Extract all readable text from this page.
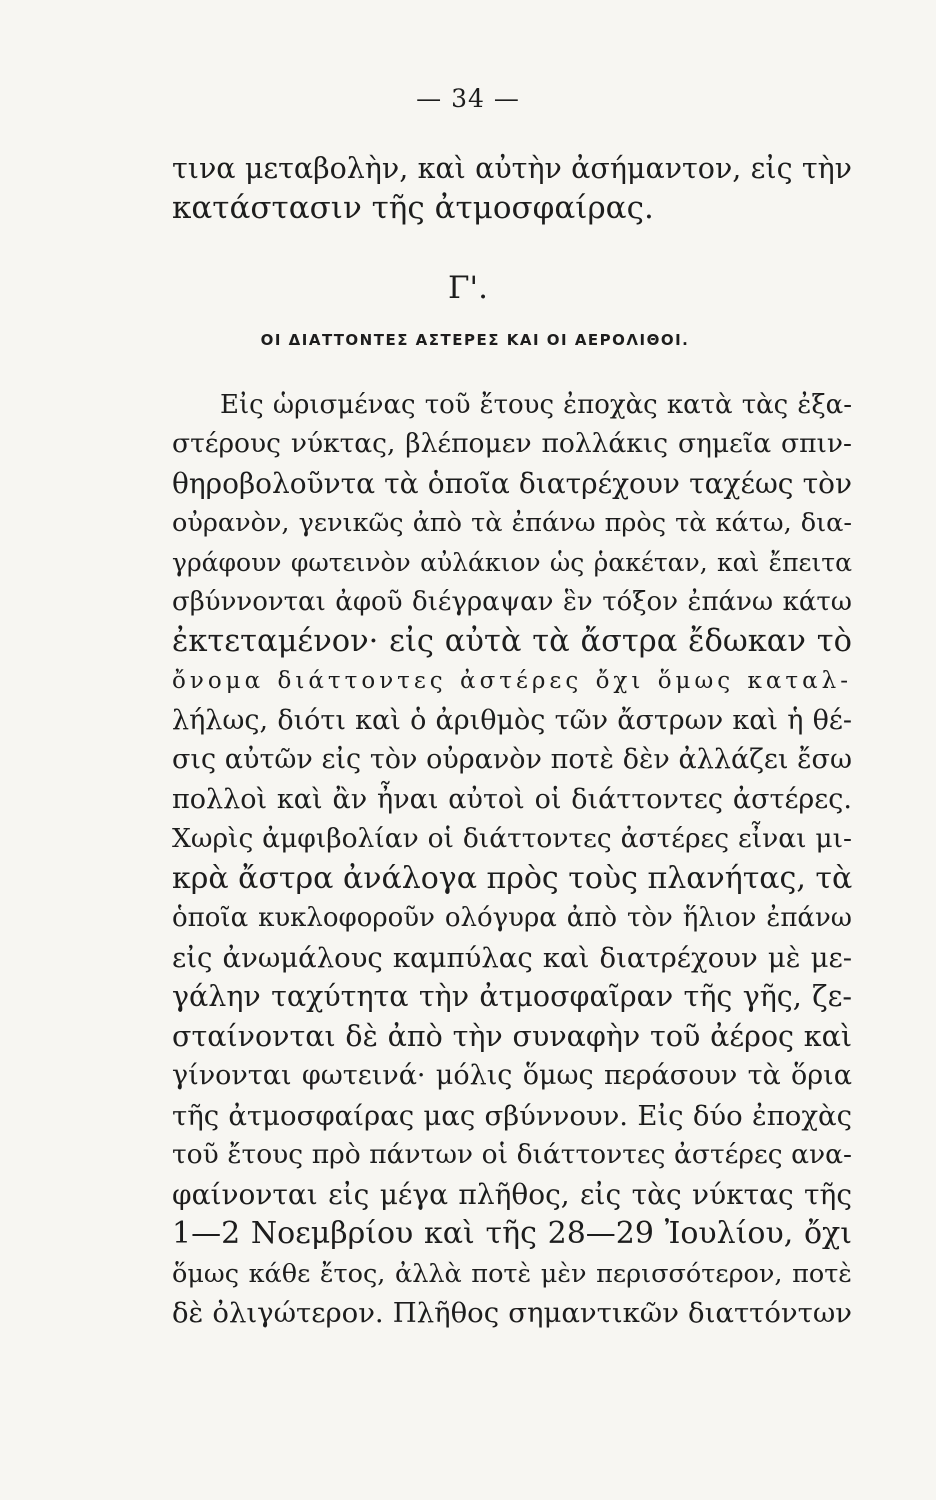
— 34 —
τινα μεταβολὴν, καὶ αὐτὴν ἀσήμαντον, εἰς τὴν
κατάστασιν τῆς ἀτμοσφαίρας.
Γ'.
ΟΙ ΔΙΑΤΤΟΝΤΕΣ ΑΣΤΕΡΕΣ ΚΑΙ ΟΙ ΑΕΡΟΛΙΘΟΙ.
Εἰς ὡρισμένας τοῦ ἔτους ἐποχὰς κατὰ τὰς ἐξα-
στέρους νύκτας, βλέπομεν πολλάκις σημεῖα σπιν-
θηροβολοῦντα τὰ ὁποῖα διατρέχουν ταχέως τὸν
οὐρανὸν, γενικῶς ἀπὸ τὰ ἐπάνω πρὸς τὰ κάτω, δια-
γράφουν φωτεινὸν αὐλάκιον ὡς ῥακέταν, καὶ ἔπειτα
σβύννονται ἀφοῦ διέγραψαν ἓν τόξον ἐπάνω κάτω
ἐκτεταμένον· εἰς αὐτὰ τὰ ἄστρα ἔδωκαν τὸ
ὄνομα διάττοντες ἀστέρες ὄχι ὅμως καταλ-
λήλως, διότι καὶ ὁ ἀριθμὸς τῶν ἄστρων καὶ ἡ θέ-
σις αὐτῶν εἰς τὸν οὐρανὸν ποτὲ δὲν ἀλλάζει ἔσω
πολλοὶ καὶ ἂν ἦναι αὐτοὶ οἱ διάττοντες ἀστέρες.
Χωρὶς ἀμφιβολίαν οἱ διάττοντες ἀστέρες εἶναι μι-
κρὰ ἄστρα ἀνάλογα πρὸς τοὺς πλανήτας, τὰ
ὁποῖα κυκλοφοροῦν ολόγυρα ἀπὸ τὸν ἥλιον ἐπάνω
εἰς ἀνωμάλους καμπύλας καὶ διατρέχουν μὲ με-
γάλην ταχύτητα τὴν ἀτμοσφαῖραν τῆς γῆς, ζε-
σταίνονται δὲ ἀπὸ τὴν συναφὴν τοῦ ἀέρος καὶ
γίνονται φωτεινά· μόλις ὅμως περάσουν τὰ ὅρια
τῆς ἀτμοσφαίρας μας σβύννουν. Εἰς δύο ἐποχὰς
τοῦ ἔτους πρὸ πάντων οἱ διάττοντες ἀστέρες ανα-
φαίνονται εἰς μέγα πλῆθος, εἰς τὰς νύκτας τῆς
1—2 Νοεμβρίου καὶ τῆς 28—29 Ἰουλίου, ὄχι
ὅμως κάθε ἔτος, ἀλλὰ ποτὲ μὲν περισσότερον, ποτὲ
δὲ ὀλιγώτερον. Πλῆθος σημαντικῶν διαττόντων
